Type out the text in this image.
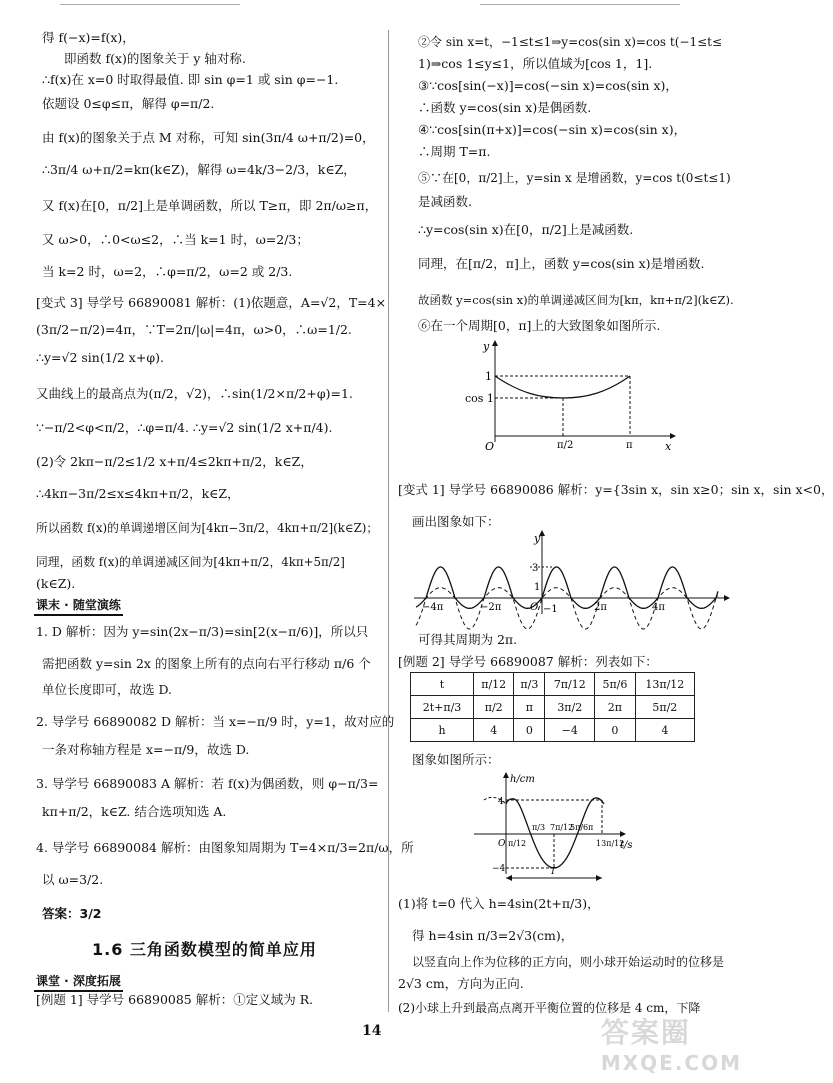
得 f(−x)=f(x)，
即函数 f(x)的图象关于 y 轴对称.
∴f(x)在 x=0 时取得最值. 即 sin φ=1 或 sin φ=−1.
依题设 0≤φ≤π，解得 φ=π/2.
由 f(x)的图象关于点 M 对称，可知 sin(3π/4 ω+π/2)=0，
∴3π/4 ω+π/2=kπ(k∈Z)，解得 ω=4k/3−2/3，k∈Z，
又 f(x)在[0，π/2]上是单调函数，所以 T≥π，即 2π/ω≥π，
又 ω>0，∴0<ω≤2，∴当 k=1 时，ω=2/3；
当 k=2 时，ω=2，∴φ=π/2，ω=2 或 2/3.
[变式 3] 导学号 66890081 解析：(1)依题意，A=√2，T=4×
(3π/2−π/2)=4π，∵T=2π/|ω|=4π，ω>0，∴ω=1/2.
∴y=√2 sin(1/2 x+φ).
又曲线上的最高点为(π/2，√2)，∴sin(1/2×π/2+φ)=1.
∵−π/2<φ<π/2，∴φ=π/4. ∴y=√2 sin(1/2 x+π/4).
(2)令 2kπ−π/2≤1/2 x+π/4≤2kπ+π/2，k∈Z，
∴4kπ−3π/2≤x≤4kπ+π/2，k∈Z，
所以函数 f(x)的单调递增区间为[4kπ−3π/2，4kπ+π/2](k∈Z)；
同理，函数 f(x)的单调递减区间为[4kπ+π/2，4kπ+5π/2]
(k∈Z).
课末 · 随堂演练
1. D 解析：因为 y=sin(2x−π/3)=sin[2(x−π/6)]，所以只
需把函数 y=sin 2x 的图象上所有的点向右平行移动 π/6 个
单位长度即可，故选 D.
2. 导学号 66890082 D 解析：当 x=−π/9 时，y=1，故对应的
一条对称轴方程是 x=−π/9，故选 D.
3. 导学号 66890083 A 解析：若 f(x)为偶函数，则 φ−π/3=
kπ+π/2，k∈Z. 结合选项知选 A.
4. 导学号 66890084 解析：由图象知周期为 T=4×π/3=2π/ω，所
以 ω=3/2.
答案：3/2
1.6 三角函数模型的简单应用
课堂 · 深度拓展
[例题 1] 导学号 66890085 解析：①定义域为 R.
②令 sin x=t，−1≤t≤1⇒y=cos(sin x)=cos t(−1≤t≤
1)⇒cos 1≤y≤1，所以值域为[cos 1，1].
③∵cos[sin(−x)]=cos(−sin x)=cos(sin x)，
∴函数 y=cos(sin x)是偶函数.
④∵cos[sin(π+x)]=cos(−sin x)=cos(sin x)，
∴周期 T=π.
⑤∵在[0，π/2]上，y=sin x 是增函数，y=cos t(0≤t≤1)
是减函数.
∴y=cos(sin x)在[0，π/2]上是减函数.
同理，在[π/2，π]上，函数 y=cos(sin x)是增函数.
故函数 y=cos(sin x)的单调递减区间为[kπ，kπ+π/2](k∈Z).
⑥在一个周期[0，π]上的大致图象如图所示.
[变式 1] 导学号 66890086 解析：y={3sin x，sin x≥0；sin x，sin x<0，
画出图象如下：
可得其周期为 2π.
[例题 2] 导学号 66890087 解析：列表如下：
图象如图所示：
(1)将 t=0 代入 h=4sin(2t+π/3)，
得 h=4sin π/3=2√3(cm)，
以竖直向上作为位移的正方向，则小球开始运动时的位移是
2√3 cm，方向为正向.
(2)小球上升到最高点离开平衡位置的位移是 4 cm，下降
y
x
O
1
cos 1
π/2	π
y
3
1
−1
O
−4π	−2π	2π	4π
t	π/12	π/3	7π/12	5π/6	13π/12
2t+π/3	π/2	π	3π/2	2π	5π/2
h	4	0	−4	0	4
h/cm
t/s
4
−4
O
T
π/12
π/3 7π/12
5π/6 π
13π/12
14	答案圈
MXQE.COM
